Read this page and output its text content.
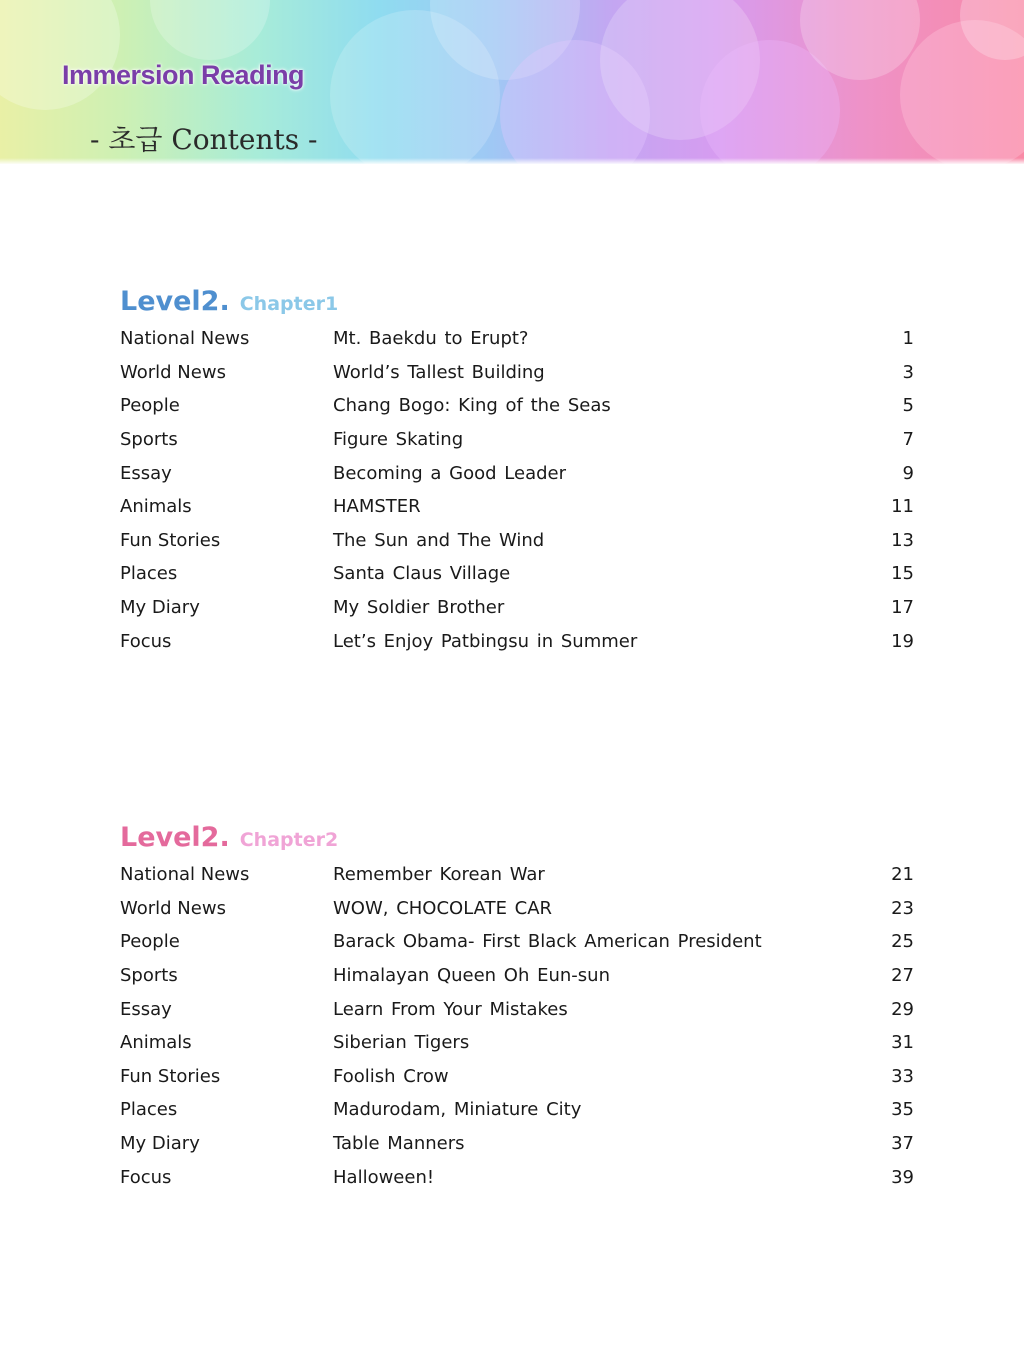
Immersion Reading
- 초급 Contents -
Level2. Chapter1
National News	Mt. Baekdu to Erupt?	1
World News	World’s Tallest Building	3
People	Chang Bogo: King of the Seas	5
Sports	Figure Skating	7
Essay	Becoming a Good Leader	9
Animals	HAMSTER	11
Fun Stories	The Sun and The Wind	13
Places	Santa Claus Village	15
My Diary	My Soldier Brother	17
Focus	Let’s Enjoy Patbingsu in Summer	19
Level2. Chapter2
National News	Remember Korean War	21
World News	WOW, CHOCOLATE CAR	23
People	Barack Obama- First Black American President	25
Sports	Himalayan Queen Oh Eun-sun	27
Essay	Learn From Your Mistakes	29
Animals	Siberian Tigers	31
Fun Stories	Foolish Crow	33
Places	Madurodam, Miniature City	35
My Diary	Table Manners	37
Focus	Halloween!	39
